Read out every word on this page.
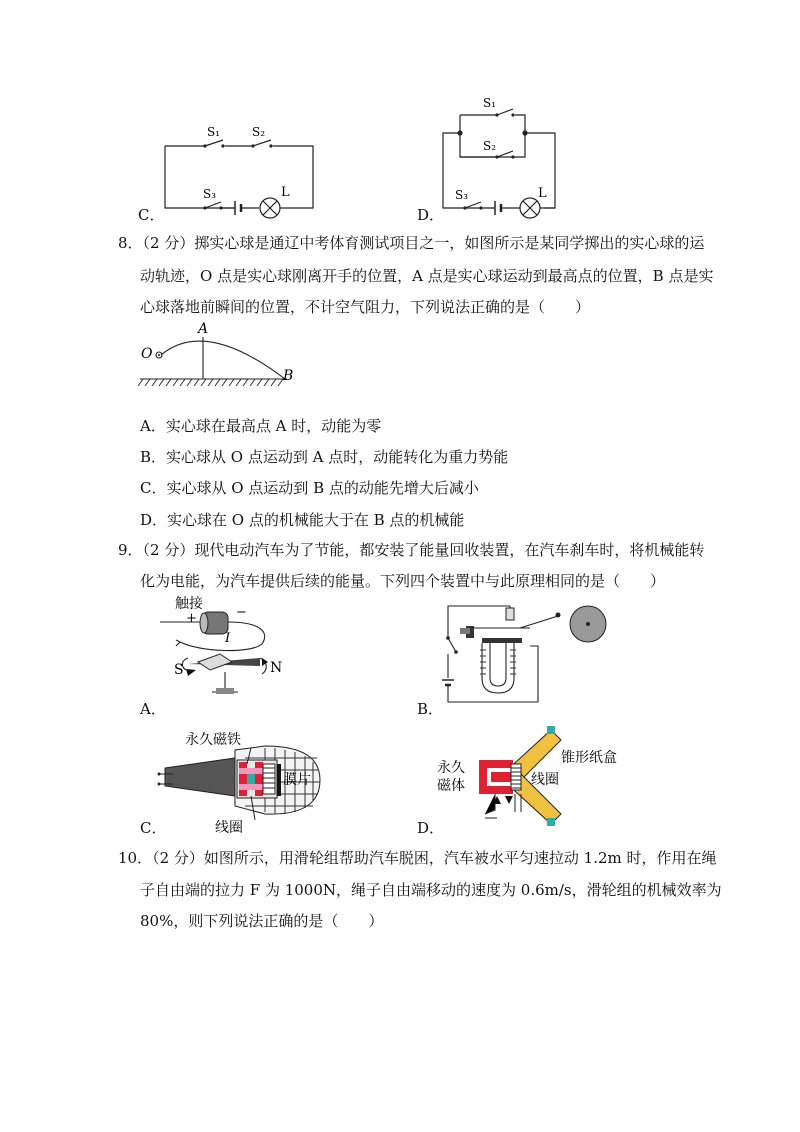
S₁	S₂
S₃	L
C．
S₁
S₂
S₃	L
D．
8．（2 分）掷实心球是通辽中考体育测试项目之一，如图所示是某同学掷出的实心球的运
动轨迹，O 点是实心球刚离开手的位置，A 点是实心球运动到最高点的位置，B 点是实
心球落地前瞬间的位置，不计空气阻力，下列说法正确的是（　　）
O
A
B
A．实心球在最高点 A 时，动能为零
B．实心球从 O 点运动到 A 点时，动能转化为重力势能
C．实心球从 O 点运动到 B 点的动能先增大后减小
D．实心球在 O 点的机械能大于在 B 点的机械能
9．（2 分）现代电动汽车为了节能，都安装了能量回收装置，在汽车刹车时，将机械能转
化为电能，为汽车提供后续的能量。下列四个装置中与此原理相同的是（　　）
触接
+	−
I
S	N
A．	B．
永久磁铁
膜片
线圈
C．
永久
磁体
锥形纸盒
线圈
D．
10．（2 分）如图所示，用滑轮组帮助汽车脱困，汽车被水平匀速拉动 1.2m 时，作用在绳
子自由端的拉力 F 为 1000N，绳子自由端移动的速度为 0.6m/s，滑轮组的机械效率为
80%，则下列说法正确的是（　　）
